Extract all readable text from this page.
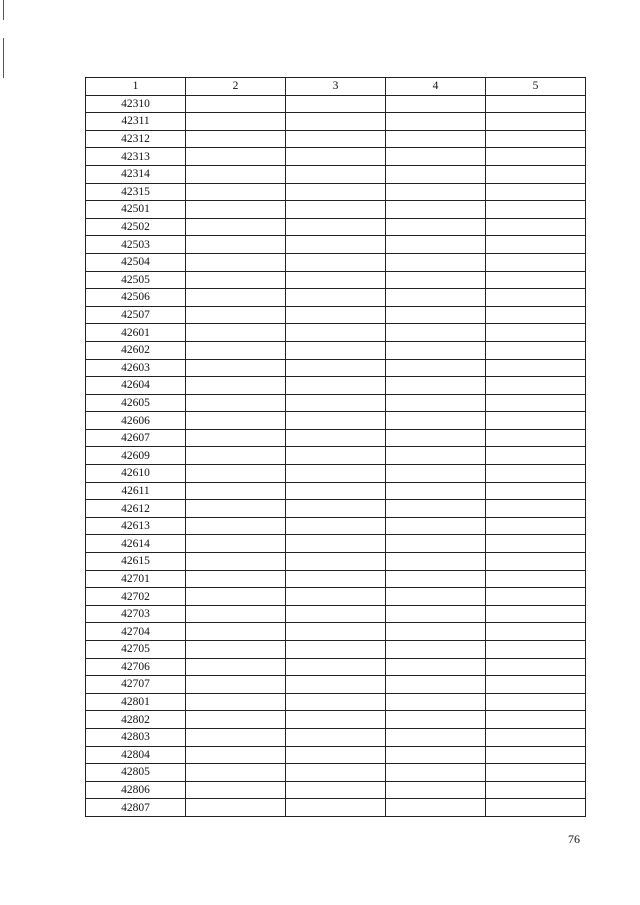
1	2	3	4	5
42310				
42311				
42312				
42313				
42314				
42315				
42501				
42502				
42503				
42504				
42505				
42506				
42507				
42601				
42602				
42603				
42604				
42605				
42606				
42607				
42609				
42610				
42611				
42612				
42613				
42614				
42615				
42701				
42702				
42703				
42704				
42705				
42706				
42707				
42801				
42802				
42803				
42804				
42805				
42806				
42807				
76
